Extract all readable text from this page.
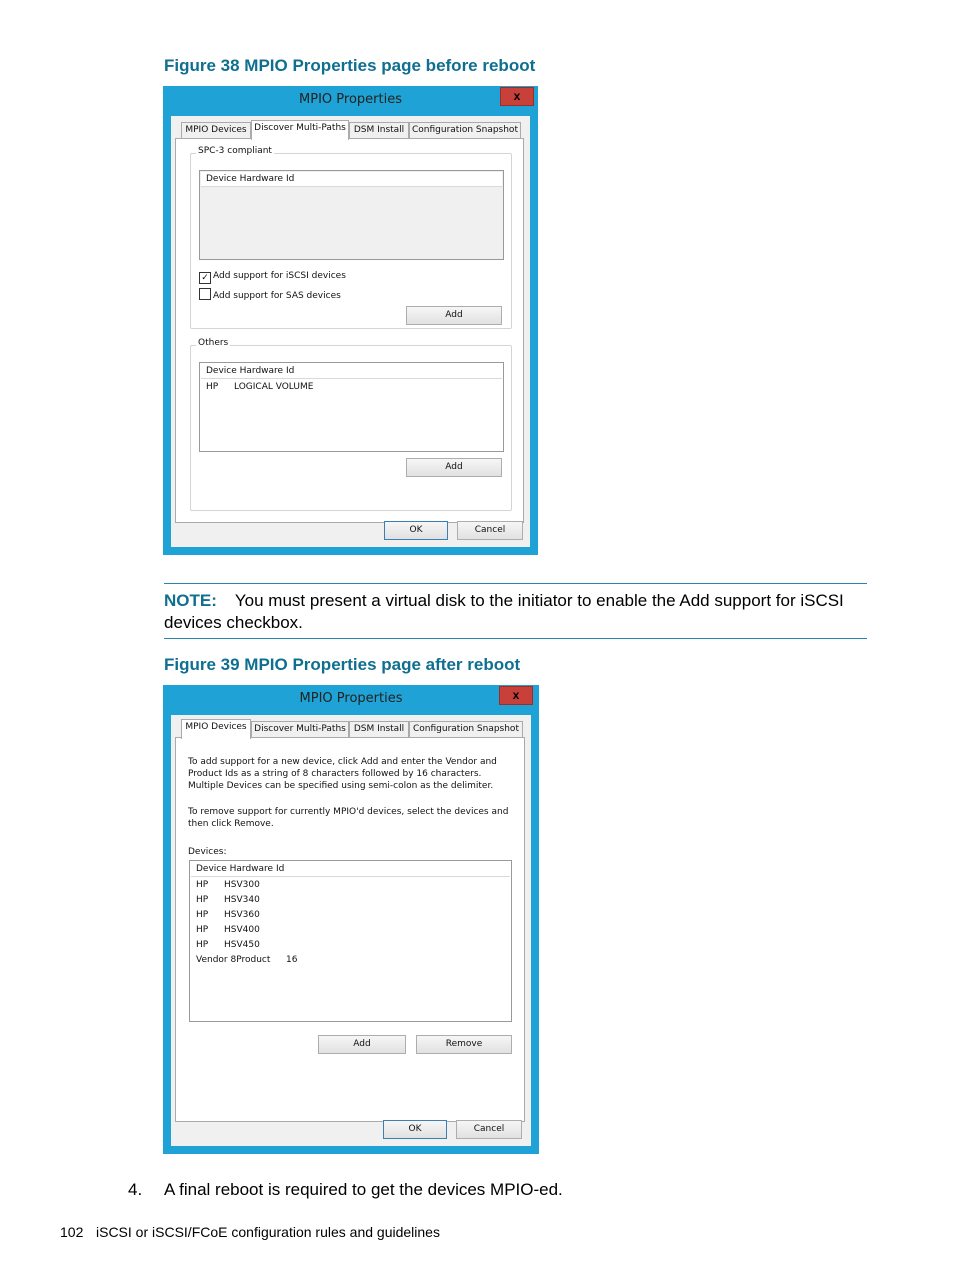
Figure 38 MPIO Properties page before reboot
MPIO Properties	x
MPIO Devices Discover Multi-Paths DSM Install Configuration Snapshot
SPC-3 compliant
Device Hardware Id
✓ Add support for iSCSI devices
Add support for SAS devices
Add
Others
Device Hardware Id
HP LOGICAL VOLUME
Add
OK	Cancel
NOTE: You must present a virtual disk to the initiator to enable the Add support for iSCSI devices checkbox.
Figure 39 MPIO Properties page after reboot
MPIO Properties	x
MPIO Devices Discover Multi-Paths DSM Install Configuration Snapshot
To add support for a new device, click Add and enter the Vendor and Product Ids as a string of 8 characters followed by 16 characters. Multiple Devices can be specified using semi-colon as the delimiter.
To remove support for currently MPIO'd devices, select the devices and then click Remove.
Devices:
Device Hardware Id
HP HSV300
HP HSV340
HP HSV360
HP HSV400
HP HSV450
Vendor 8Product 16
Add	Remove
OK	Cancel
4. A final reboot is required to get the devices MPIO-ed.
102 iSCSI or iSCSI/FCoE configuration rules and guidelines
